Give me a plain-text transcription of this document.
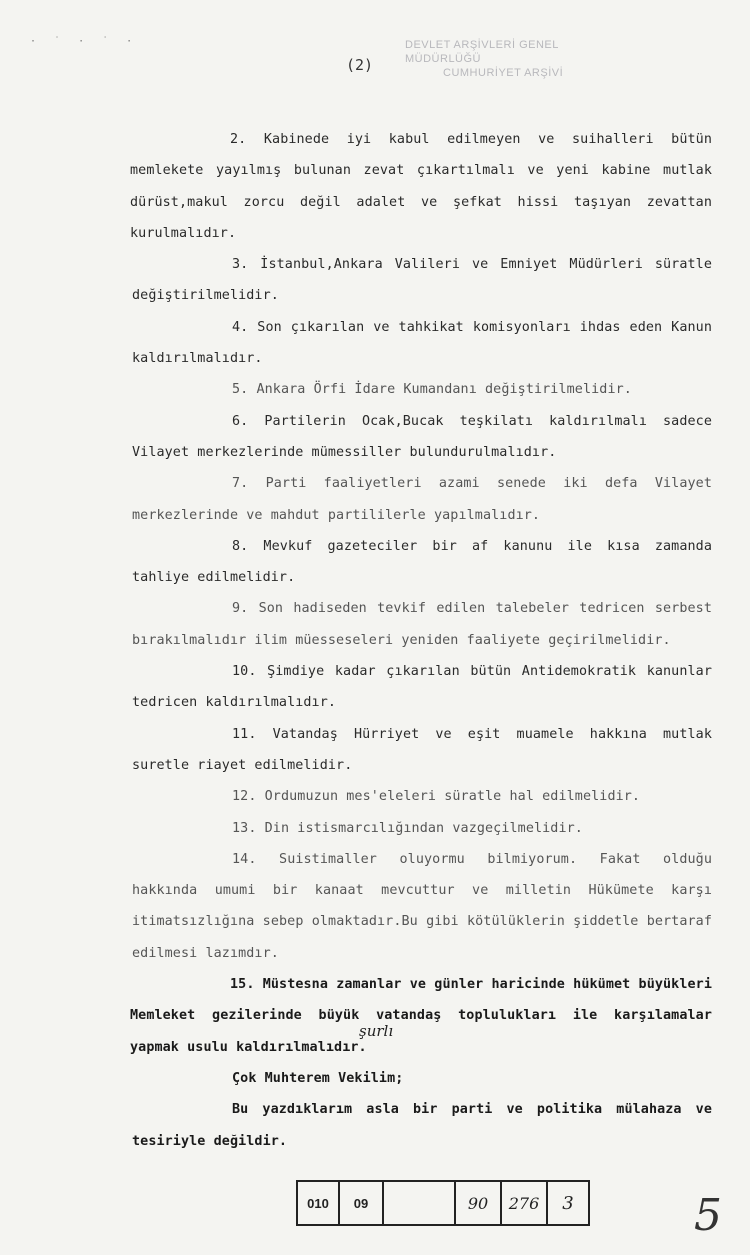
· ˙ · ˙ ·	DEVLET ARŞİVLERİ GENEL MÜDÜRLÜĞÜ
CUMHURİYET ARŞİVİ
(2)

2. Kabinede iyi kabul edilmeyen ve suihalleri bütün memlekete yayılmış bulunan zevat çıkartılmalı ve yeni kabine mutlak dürüst,makul zorcu değil adalet ve şefkat hissi taşıyan zevattan kurulmalıdır.

3. İstanbul,Ankara Valileri ve Emniyet Müdürleri süratle değiştirilmelidir.

4. Son çıkarılan ve tahkikat komisyonları ihdas eden Kanun kaldırılmalıdır.

5. Ankara Örfi İdare Kumandanı değiştirilmelidir.

6. Partilerin Ocak,Bucak teşkilatı kaldırılmalı sadece Vilayet merkezlerinde mümessiller bulundurulmalıdır.

7. Parti faaliyetleri azami senede iki defa Vilayet merkezlerinde ve mahdut partililerle yapılmalıdır.

8. Mevkuf gazeteciler bir af kanunu ile kısa zamanda tahliye edilmelidir.

9. Son hadiseden tevkif edilen talebeler tedricen serbest bırakılmalıdır ilim müesseseleri yeniden faaliyete geçirilmelidir.

10. Şimdiye kadar çıkarılan bütün Antidemokratik kanunlar tedricen kaldırılmalıdır.

11. Vatandaş Hürriyet ve eşit muamele hakkına mutlak suretle riayet edilmelidir.

12. Ordumuzun mes'eleleri süratle hal edilmelidir.

13. Din istismarcılığından vazgeçilmelidir.

14. Suistimaller oluyormu bilmiyorum. Fakat olduğu hakkında umumi bir kanaat mevcuttur ve milletin Hükümete karşı itimatsızlığına sebep olmaktadır.Bu gibi kötülüklerin şiddetle bertaraf edilmesi lazımdır.

15. Müstesna zamanlar ve günler haricinde hükümet büyükleri Memleket gezilerinde büyük vatandaş toplulukları ile karşılamalar yapmak usulu kaldırılmalıdır.

Çok Muhterem Vekilim;

Bu yazdıklarım asla bir parti ve politika mülahaza ve tesiriyle değildir.

şurlı
010	09	90	276	3	5
